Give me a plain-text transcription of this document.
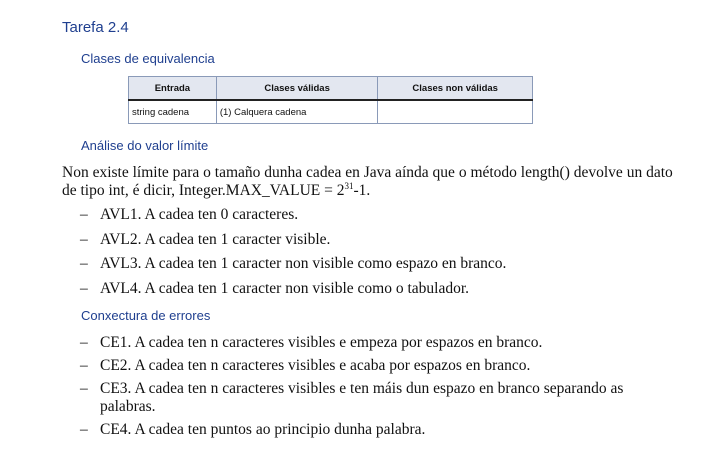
Tarefa 2.4
Clases de equivalencia
Entrada	Clases válidas	Clases non válidas
string cadena	(1) Calquera cadena	
Análise do valor límite
Non existe límite para o tamaño dunha cadea en Java aínda que o método length() devolve un dato de tipo int, é dicir, Integer.MAX_VALUE = $2^{31}-1$.
– AVL1. A cadea ten 0 caracteres.
– AVL2. A cadea ten 1 caracter visible.
– AVL3. A cadea ten 1 caracter non visible como espazo en branco.
– AVL4. A cadea ten 1 caracter non visible como o tabulador.
Conxectura de errores
– CE1. A cadea ten n caracteres visibles e empeza por espazos en branco.
– CE2. A cadea ten n caracteres visibles e acaba por espazos en branco.
– CE3. A cadea ten n caracteres visibles e ten máis dun espazo en branco separando as palabras.
– CE4. A cadea ten puntos ao principio dunha palabra.
